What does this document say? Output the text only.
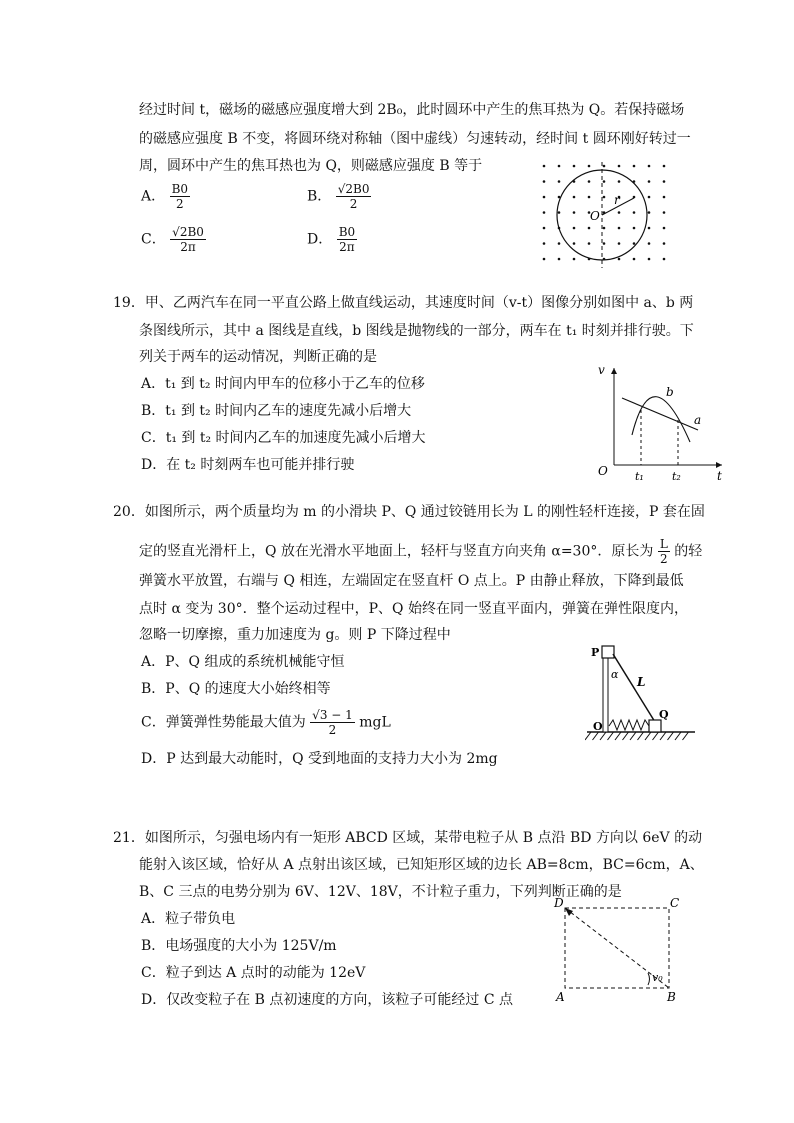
经过时间 t，磁场的磁感应强度增大到 2B₀，此时圆环中产生的焦耳热为 Q。若保持磁场
的磁感应强度 B 不变，将圆环绕对称轴（图中虚线）匀速转动，经时间 t 圆环刚好转过一
周，圆环中产生的焦耳热也为 Q，则磁感应强度 B 等于
A． $\frac{B0}{2}$	B． $\frac{√2B0}{2}$
C． $\frac{√2B0}{2\pi}$	D． $\frac{B0}{2\pi}$
O
r
19．甲、乙两汽车在同一平直公路上做直线运动，其速度时间（v-t）图像分别如图中 a、b 两
条图线所示，其中 a 图线是直线，b 图线是抛物线的一部分，两车在 t₁ 时刻并排行驶。下
列关于两车的运动情况，判断正确的是
A．t₁ 到 t₂ 时间内甲车的位移小于乙车的位移
B．t₁ 到 t₂ 时间内乙车的速度先减小后增大
C．t₁ 到 t₂ 时间内乙车的加速度先减小后增大
D．在 t₂ 时刻两车也可能并排行驶
v
t
O
a
b
t₁	t₂
20．如图所示，两个质量均为 m 的小滑块 P、Q 通过铰链用长为 L 的刚性轻杆连接，P 套在固
定的竖直光滑杆上，Q 放在光滑水平地面上，轻杆与竖直方向夹角 α=30°．原长为 $\frac{L}{2}$ 的轻
弹簧水平放置，右端与 Q 相连，左端固定在竖直杆 O 点上。P 由静止释放，下降到最低
点时 α 变为 30°．整个运动过程中，P、Q 始终在同一竖直平面内，弹簧在弹性限度内，
忽略一切摩擦，重力加速度为 g。则 P 下降过程中
A．P、Q 组成的系统机械能守恒
B．P、Q 的速度大小始终相等
C．弹簧弹性势能最大值为 $\frac{√3 - 1}{2}$ mgL
D．P 达到最大动能时，Q 受到地面的支持力大小为 2mg
P
Q
O
L
α
21．如图所示，匀强电场内有一矩形 ABCD 区域，某带电粒子从 B 点沿 BD 方向以 6eV 的动
能射入该区域，恰好从 A 点射出该区域，已知矩形区域的边长 AB=8cm，BC=6cm，A、
B、C 三点的电势分别为 6V、12V、18V，不计粒子重力，下列判断正确的是
A．粒子带负电
B．电场强度的大小为 125V/m
C．粒子到达 A 点时的动能为 12eV
D．仅改变粒子在 B 点初速度的方向，该粒子可能经过 C 点
D	C
A	B
v₀
